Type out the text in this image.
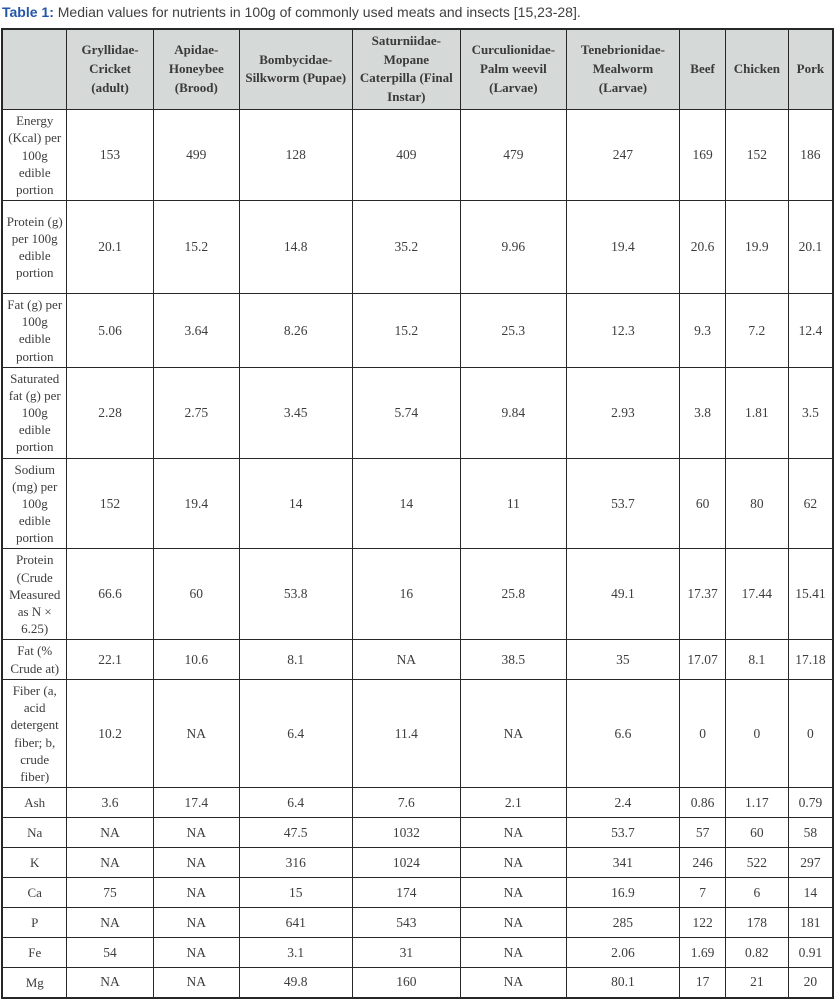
Table 1: Median values for nutrients in 100g of commonly used meats and insects [15,23-28].
	Gryllidae-Cricket (adult)	Apidae-Honeybee (Brood)	Bombycidae-Silkworm (Pupae)	Saturniidae-Mopane Caterpilla (Final Instar)	Curculionidae-Palm weevil (Larvae)	Tenebrionidae-Mealworm (Larvae)	Beef	Chicken	Pork
Energy (Kcal) per 100g edible portion	153	499	128	409	479	247	169	152	186
Protein (g) per 100g edible portion	20.1	15.2	14.8	35.2	9.96	19.4	20.6	19.9	20.1
Fat (g) per 100g edible portion	5.06	3.64	8.26	15.2	25.3	12.3	9.3	7.2	12.4
Saturated fat (g) per 100g edible portion	2.28	2.75	3.45	5.74	9.84	2.93	3.8	1.81	3.5
Sodium (mg) per 100g edible portion	152	19.4	14	14	11	53.7	60	80	62
Protein (Crude Measured as N × 6.25)	66.6	60	53.8	16	25.8	49.1	17.37	17.44	15.41
Fat (% Crude at)	22.1	10.6	8.1	NA	38.5	35	17.07	8.1	17.18
Fiber (a, acid detergent fiber; b, crude fiber)	10.2	NA	6.4	11.4	NA	6.6	0	0	0
Ash	3.6	17.4	6.4	7.6	2.1	2.4	0.86	1.17	0.79
Na	NA	NA	47.5	1032	NA	53.7	57	60	58
K	NA	NA	316	1024	NA	341	246	522	297
Ca	75	NA	15	174	NA	16.9	7	6	14
P	NA	NA	641	543	NA	285	122	178	181
Fe	54	NA	3.1	31	NA	2.06	1.69	0.82	0.91
Mg	NA	NA	49.8	160	NA	80.1	17	21	20
